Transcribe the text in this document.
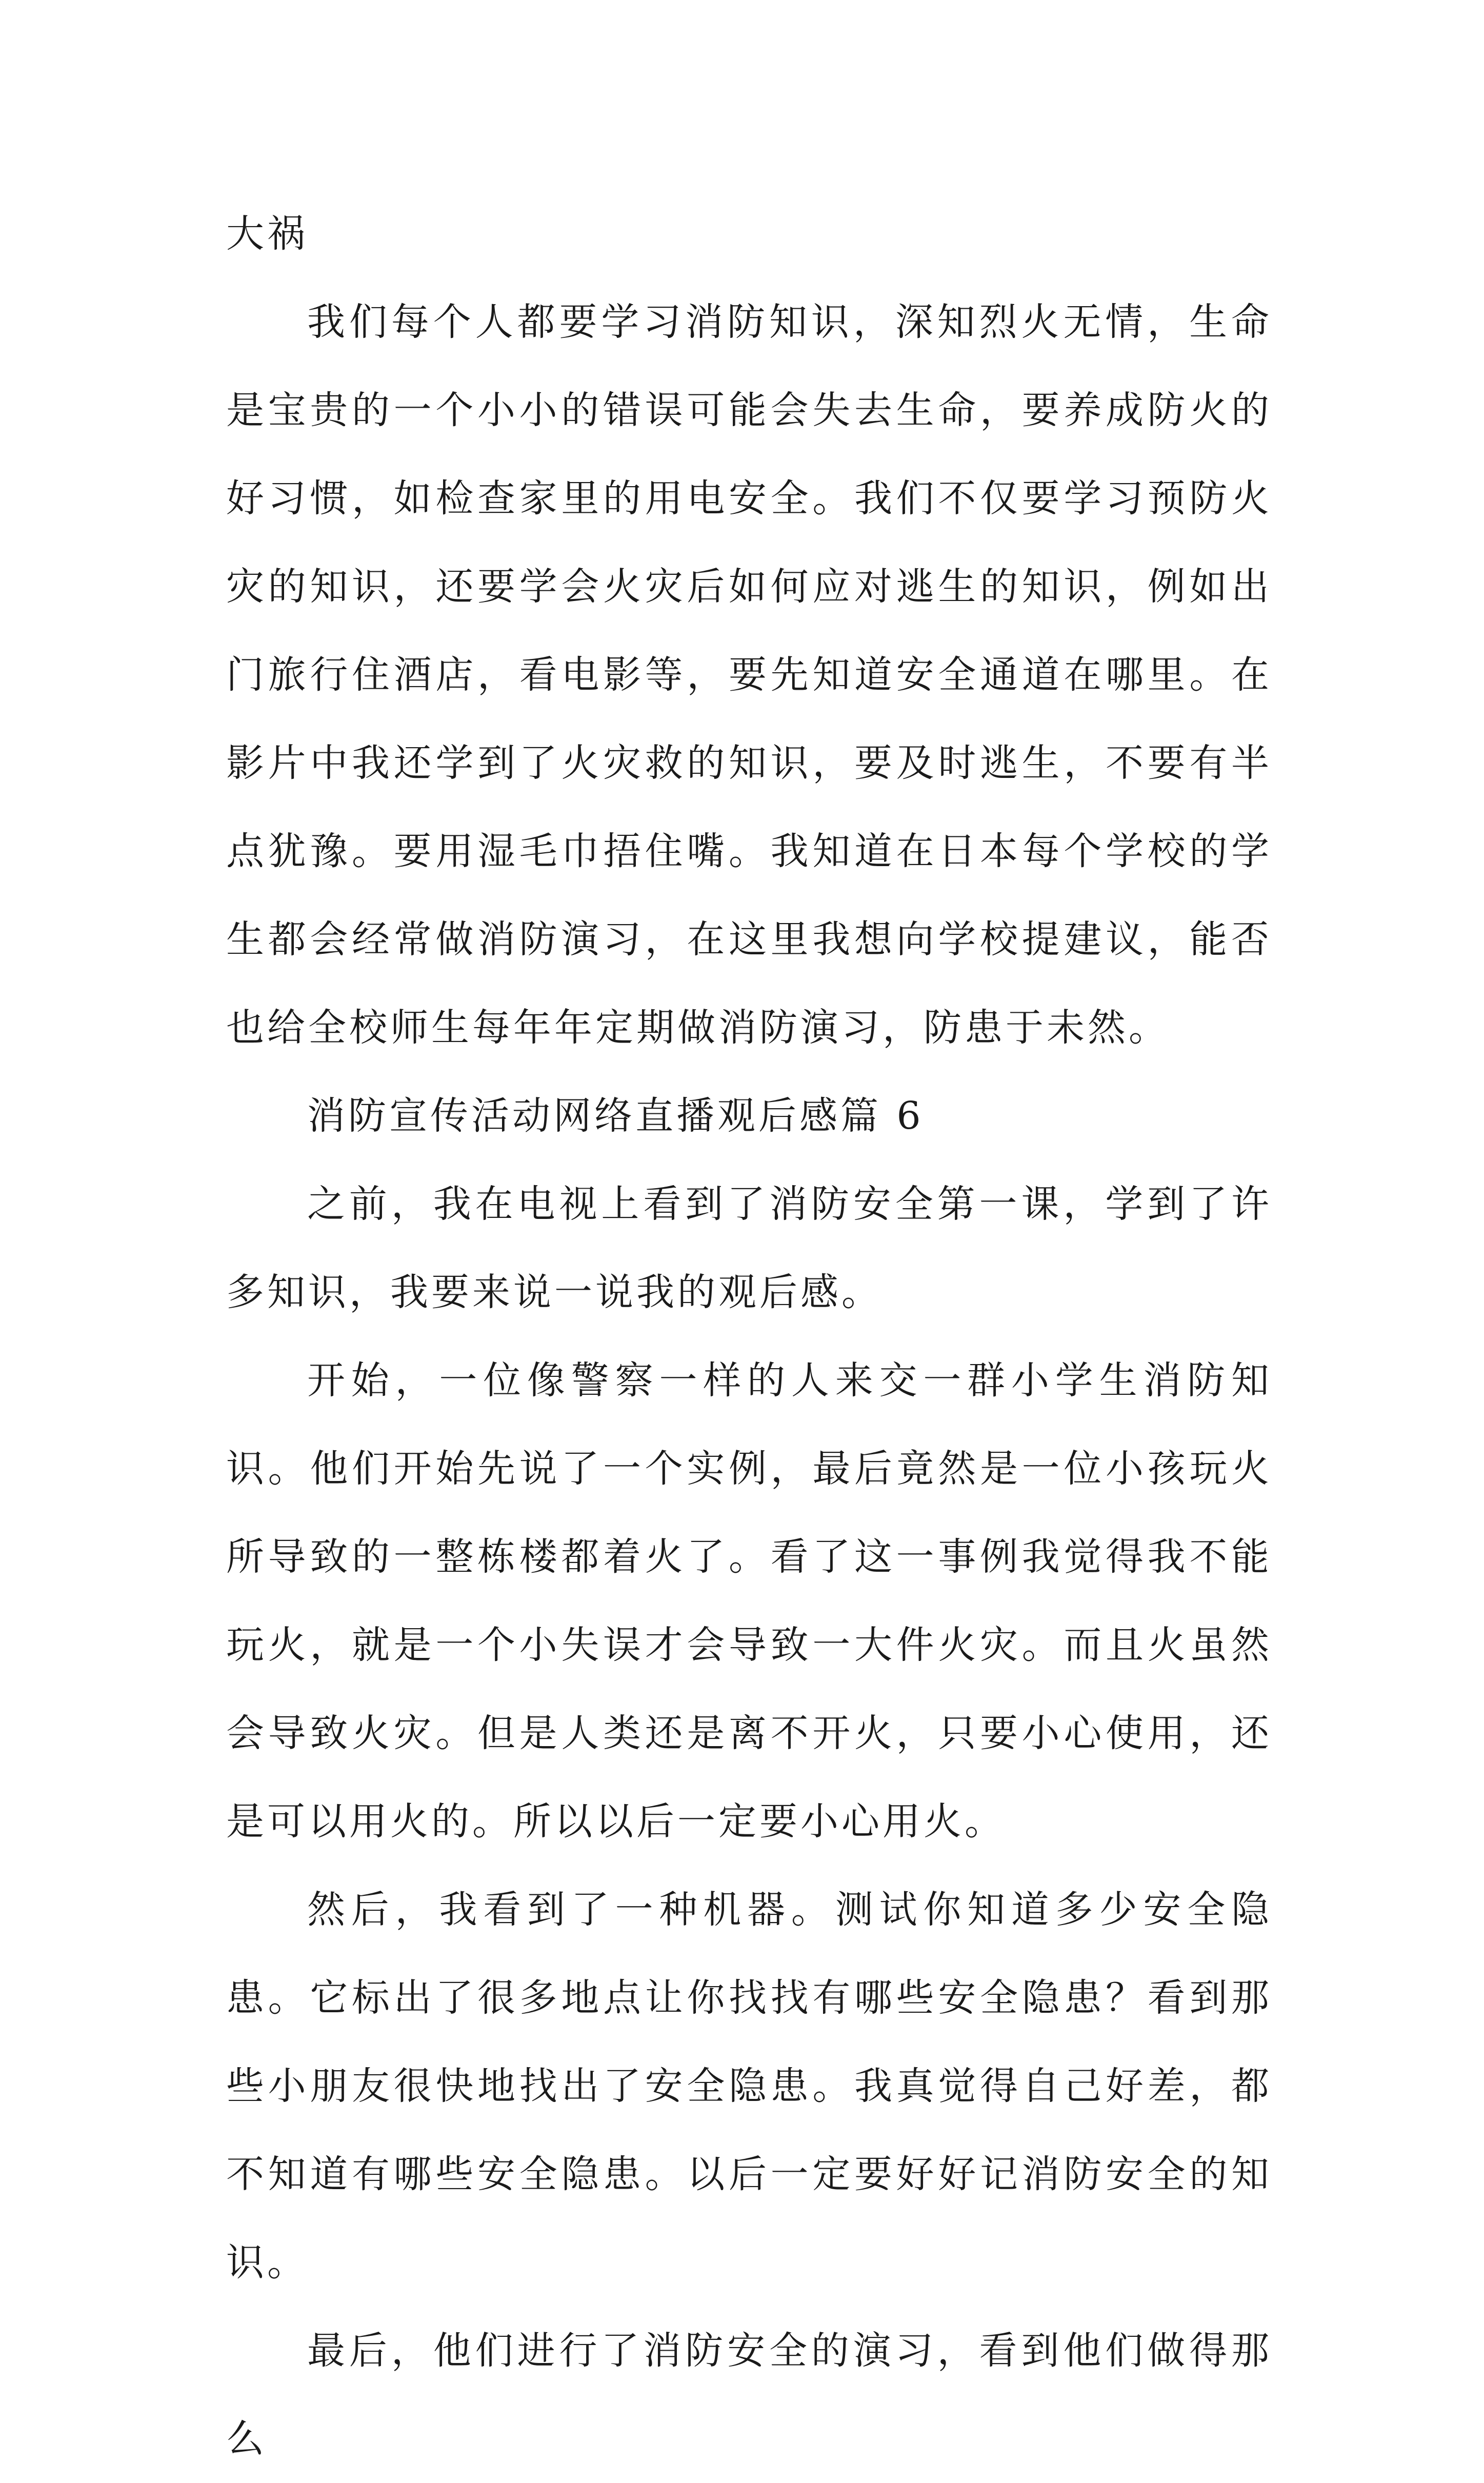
大祸

我们每个人都要学习消防知识，深知烈火无情，生命是宝贵的一个小小的错误可能会失去生命，要养成防火的好习惯，如检查家里的用电安全。我们不仅要学习预防火灾的知识，还要学会火灾后如何应对逃生的知识，例如出门旅行住酒店，看电影等，要先知道安全通道在哪里。在影片中我还学到了火灾救的知识，要及时逃生，不要有半点犹豫。要用湿毛巾捂住嘴。我知道在日本每个学校的学生都会经常做消防演习，在这里我想向学校提建议，能否也给全校师生每年年定期做消防演习，防患于未然。

消防宣传活动网络直播观后感篇 6

之前，我在电视上看到了消防安全第一课，学到了许多知识，我要来说一说我的观后感。

开始，一位像警察一样的人来交一群小学生消防知识。他们开始先说了一个实例，最后竟然是一位小孩玩火所导致的一整栋楼都着火了。看了这一事例我觉得我不能玩火，就是一个小失误才会导致一大件火灾。而且火虽然会导致火灾。但是人类还是离不开火，只要小心使用，还是可以用火的。所以以后一定要小心用火。

然后，我看到了一种机器。测试你知道多少安全隐患。它标出了很多地点让你找找有哪些安全隐患？看到那些小朋友很快地找出了安全隐患。我真觉得自己好差，都不知道有哪些安全隐患。以后一定要好好记消防安全的知识。

最后，他们进行了消防安全的演习，看到他们做得那么
